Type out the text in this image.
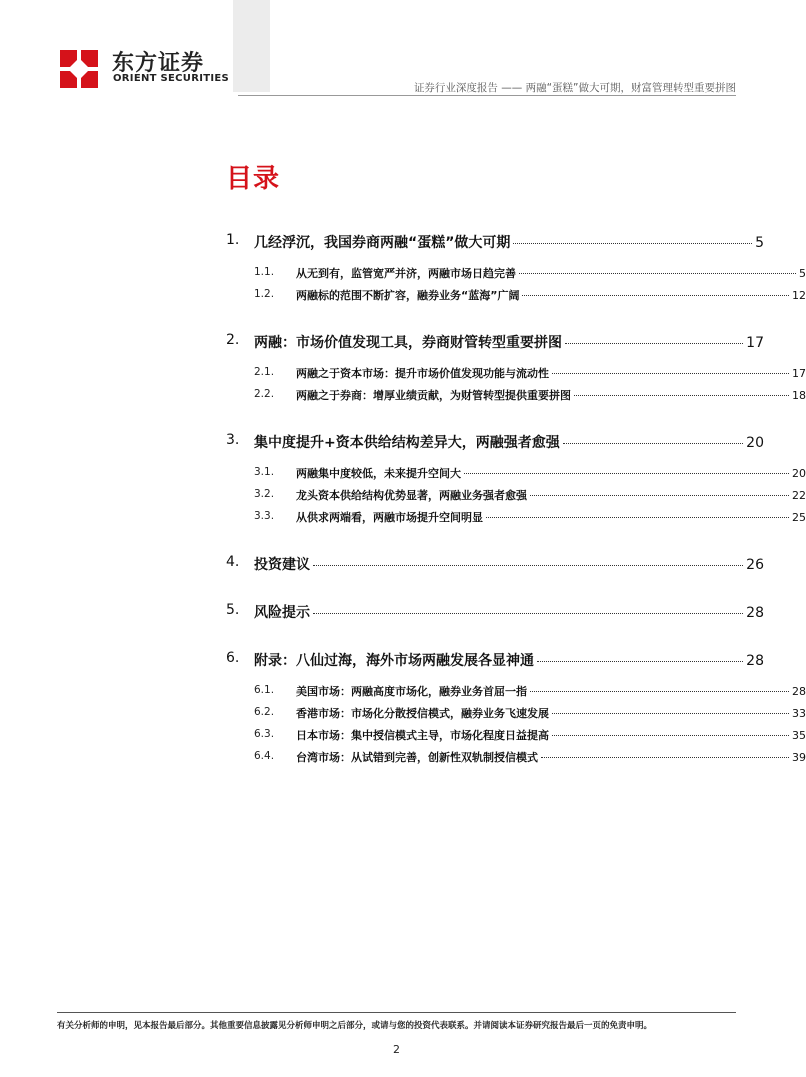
东方证券
ORIENT SECURITIES
证券行业深度报告 —— 两融“蛋糕”做大可期，财富管理转型重要拼图
目录
1. 几经浮沉，我国券商两融“蛋糕”做大可期	5
1.1. 从无到有，监管宽严并济，两融市场日趋完善	5
1.2. 两融标的范围不断扩容，融券业务“蓝海”广阔	12
2. 两融：市场价值发现工具，券商财管转型重要拼图	17
2.1. 两融之于资本市场：提升市场价值发现功能与流动性	17
2.2. 两融之于券商：增厚业绩贡献，为财管转型提供重要拼图	18
3. 集中度提升+资本供给结构差异大，两融强者愈强	20
3.1. 两融集中度较低，未来提升空间大	20
3.2. 龙头资本供给结构优势显著，两融业务强者愈强	22
3.3. 从供求两端看，两融市场提升空间明显	25
4. 投资建议	26
5. 风险提示	28
6. 附录：八仙过海，海外市场两融发展各显神通	28
6.1. 美国市场：两融高度市场化，融券业务首屈一指	28
6.2. 香港市场：市场化分散授信模式，融券业务飞速发展	33
6.3. 日本市场：集中授信模式主导，市场化程度日益提高	35
6.4. 台湾市场：从试错到完善，创新性双轨制授信模式	39
有关分析师的申明，见本报告最后部分。其他重要信息披露见分析师申明之后部分，或请与您的投资代表联系。并请阅读本证券研究报告最后一页的免责申明。
2
